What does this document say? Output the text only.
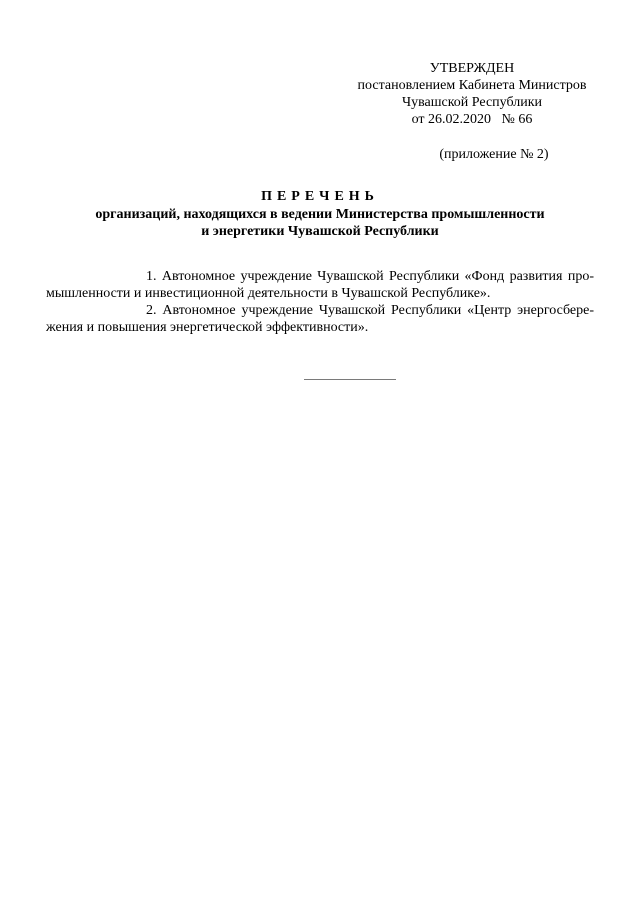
УТВЕРЖДЕН
постановлением Кабинета Министров
Чувашской Республики
от 26.02.2020   № 66
(приложение № 2)
ПЕРЕЧЕНЬ
организаций, находящихся в ведении Министерства промышленности
и энергетики Чувашской Республики

1. Автономное учреждение Чувашской Республики «Фонд развития промышленности и инвестиционной деятельности в Чувашской Республике».

2. Автономное учреждение Чувашской Республики «Центр энергосбережения и повышения энергетической эффективности».
